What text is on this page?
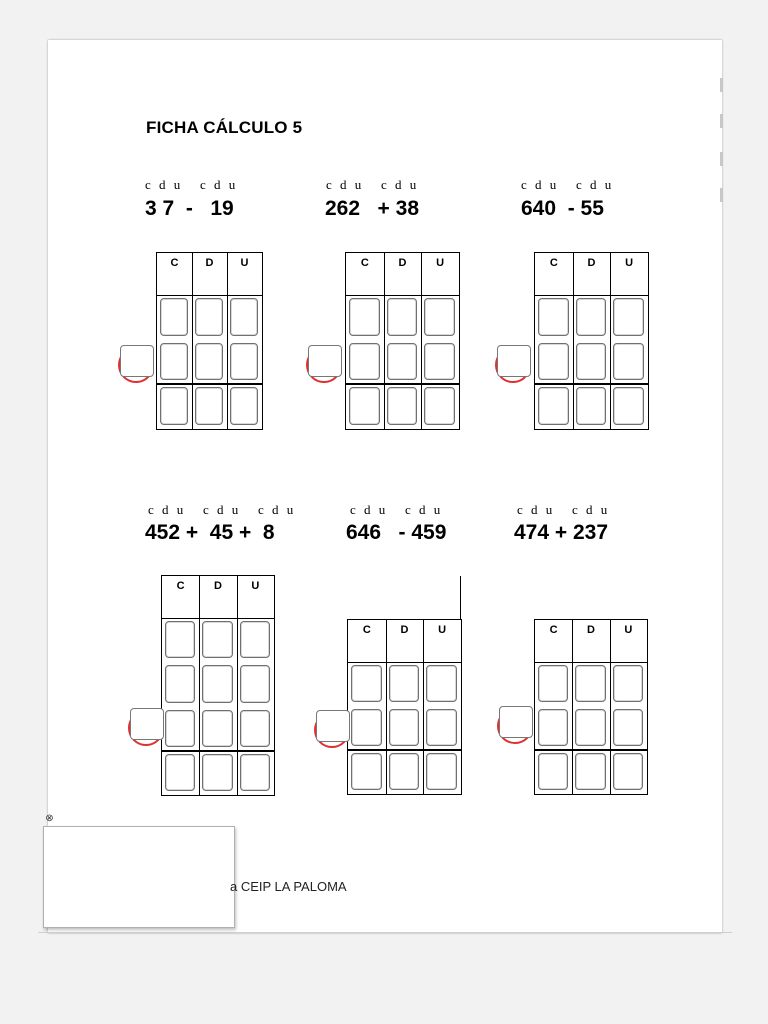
FICHA CÁLCULO 5
c d u   c d u
3 7  -   19
c d u   c d u
262   + 38
c d u   c d u
640  - 55
c d u   c d u   c d u
452 +  45 +  8
c d u   c d u
646   - 459
c d u   c d u
474 + 237
C	D	U	C	D	U	C	D	U
C	D	U
C	D	U	C	D	U
⊗
a CEIP LA PALOMA
